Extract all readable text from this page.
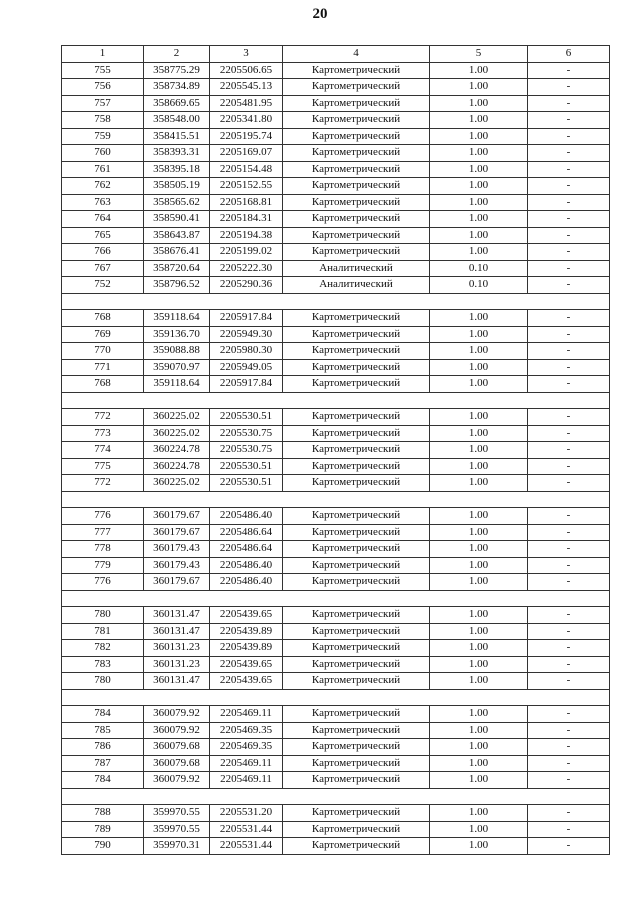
20
1	2	3	4	5	6
755	358775.29	2205506.65	Картометрический	1.00	-
756	358734.89	2205545.13	Картометрический	1.00	-
757	358669.65	2205481.95	Картометрический	1.00	-
758	358548.00	2205341.80	Картометрический	1.00	-
759	358415.51	2205195.74	Картометрический	1.00	-
760	358393.31	2205169.07	Картометрический	1.00	-
761	358395.18	2205154.48	Картометрический	1.00	-
762	358505.19	2205152.55	Картометрический	1.00	-
763	358565.62	2205168.81	Картометрический	1.00	-
764	358590.41	2205184.31	Картометрический	1.00	-
765	358643.87	2205194.38	Картометрический	1.00	-
766	358676.41	2205199.02	Картометрический	1.00	-
767	358720.64	2205222.30	Аналитический	0.10	-
752	358796.52	2205290.36	Аналитический	0.10	-

768	359118.64	2205917.84	Картометрический	1.00	-
769	359136.70	2205949.30	Картометрический	1.00	-
770	359088.88	2205980.30	Картометрический	1.00	-
771	359070.97	2205949.05	Картометрический	1.00	-
768	359118.64	2205917.84	Картометрический	1.00	-

772	360225.02	2205530.51	Картометрический	1.00	-
773	360225.02	2205530.75	Картометрический	1.00	-
774	360224.78	2205530.75	Картометрический	1.00	-
775	360224.78	2205530.51	Картометрический	1.00	-
772	360225.02	2205530.51	Картометрический	1.00	-

776	360179.67	2205486.40	Картометрический	1.00	-
777	360179.67	2205486.64	Картометрический	1.00	-
778	360179.43	2205486.64	Картометрический	1.00	-
779	360179.43	2205486.40	Картометрический	1.00	-
776	360179.67	2205486.40	Картометрический	1.00	-

780	360131.47	2205439.65	Картометрический	1.00	-
781	360131.47	2205439.89	Картометрический	1.00	-
782	360131.23	2205439.89	Картометрический	1.00	-
783	360131.23	2205439.65	Картометрический	1.00	-
780	360131.47	2205439.65	Картометрический	1.00	-

784	360079.92	2205469.11	Картометрический	1.00	-
785	360079.92	2205469.35	Картометрический	1.00	-
786	360079.68	2205469.35	Картометрический	1.00	-
787	360079.68	2205469.11	Картометрический	1.00	-
784	360079.92	2205469.11	Картометрический	1.00	-

788	359970.55	2205531.20	Картометрический	1.00	-
789	359970.55	2205531.44	Картометрический	1.00	-
790	359970.31	2205531.44	Картометрический	1.00	-
